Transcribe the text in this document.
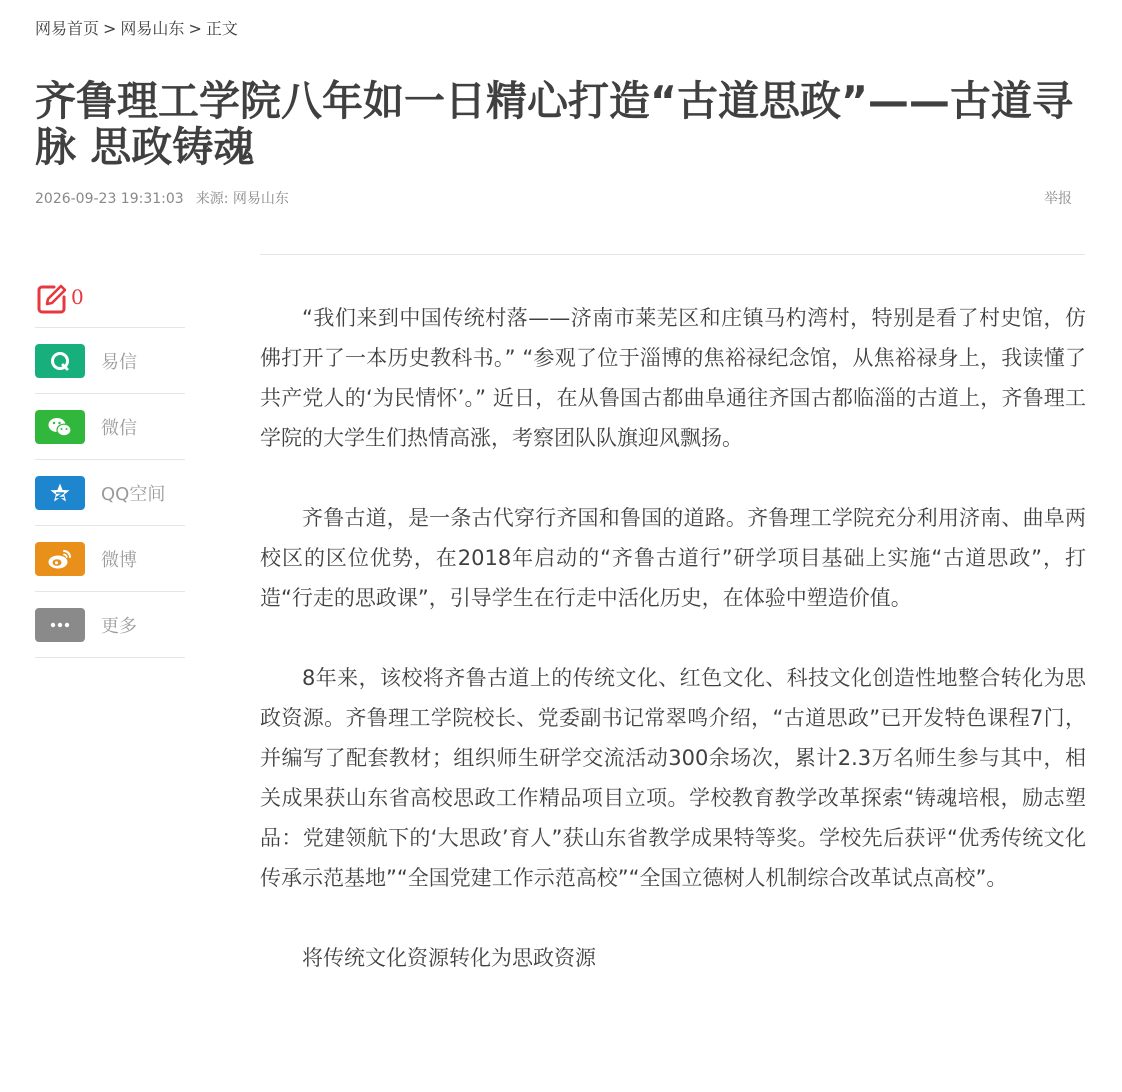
网易首页 > 网易山东 > 正文
齐鲁理工学院八年如一日精心打造“古道思政”——古道寻脉 思政铸魂
2026-09-23 19:31:03 来源: 网易山东	举报
0
易信
微信
QQ空间
微博
更多

“我们来到中国传统村落——济南市莱芜区和庄镇马杓湾村，特别是看了村史馆，仿佛打开了一本历史教科书。” “参观了位于淄博的焦裕禄纪念馆，从焦裕禄身上，我读懂了共产党人的‘为民情怀’。” 近日，在从鲁国古都曲阜通往齐国古都临淄的古道上，齐鲁理工学院的大学生们热情高涨，考察团队队旗迎风飘扬。

齐鲁古道，是一条古代穿行齐国和鲁国的道路。齐鲁理工学院充分利用济南、曲阜两校区的区位优势，在2018年启动的“齐鲁古道行”研学项目基础上实施“古道思政”，打造“行走的思政课”，引导学生在行走中活化历史，在体验中塑造价值。

8年来，该校将齐鲁古道上的传统文化、红色文化、科技文化创造性地整合转化为思政资源。齐鲁理工学院校长、党委副书记常翠鸣介绍，“古道思政”已开发特色课程7门，并编写了配套教材；组织师生研学交流活动300余场次，累计2.3万名师生参与其中，相关成果获山东省高校思政工作精品项目立项。学校教育教学改革探索“铸魂培根，励志塑品：党建领航下的‘大思政’育人”获山东省教学成果特等奖。学校先后获评“优秀传统文化传承示范基地”“全国党建工作示范高校”“全国立德树人机制综合改革试点高校”。

将传统文化资源转化为思政资源
